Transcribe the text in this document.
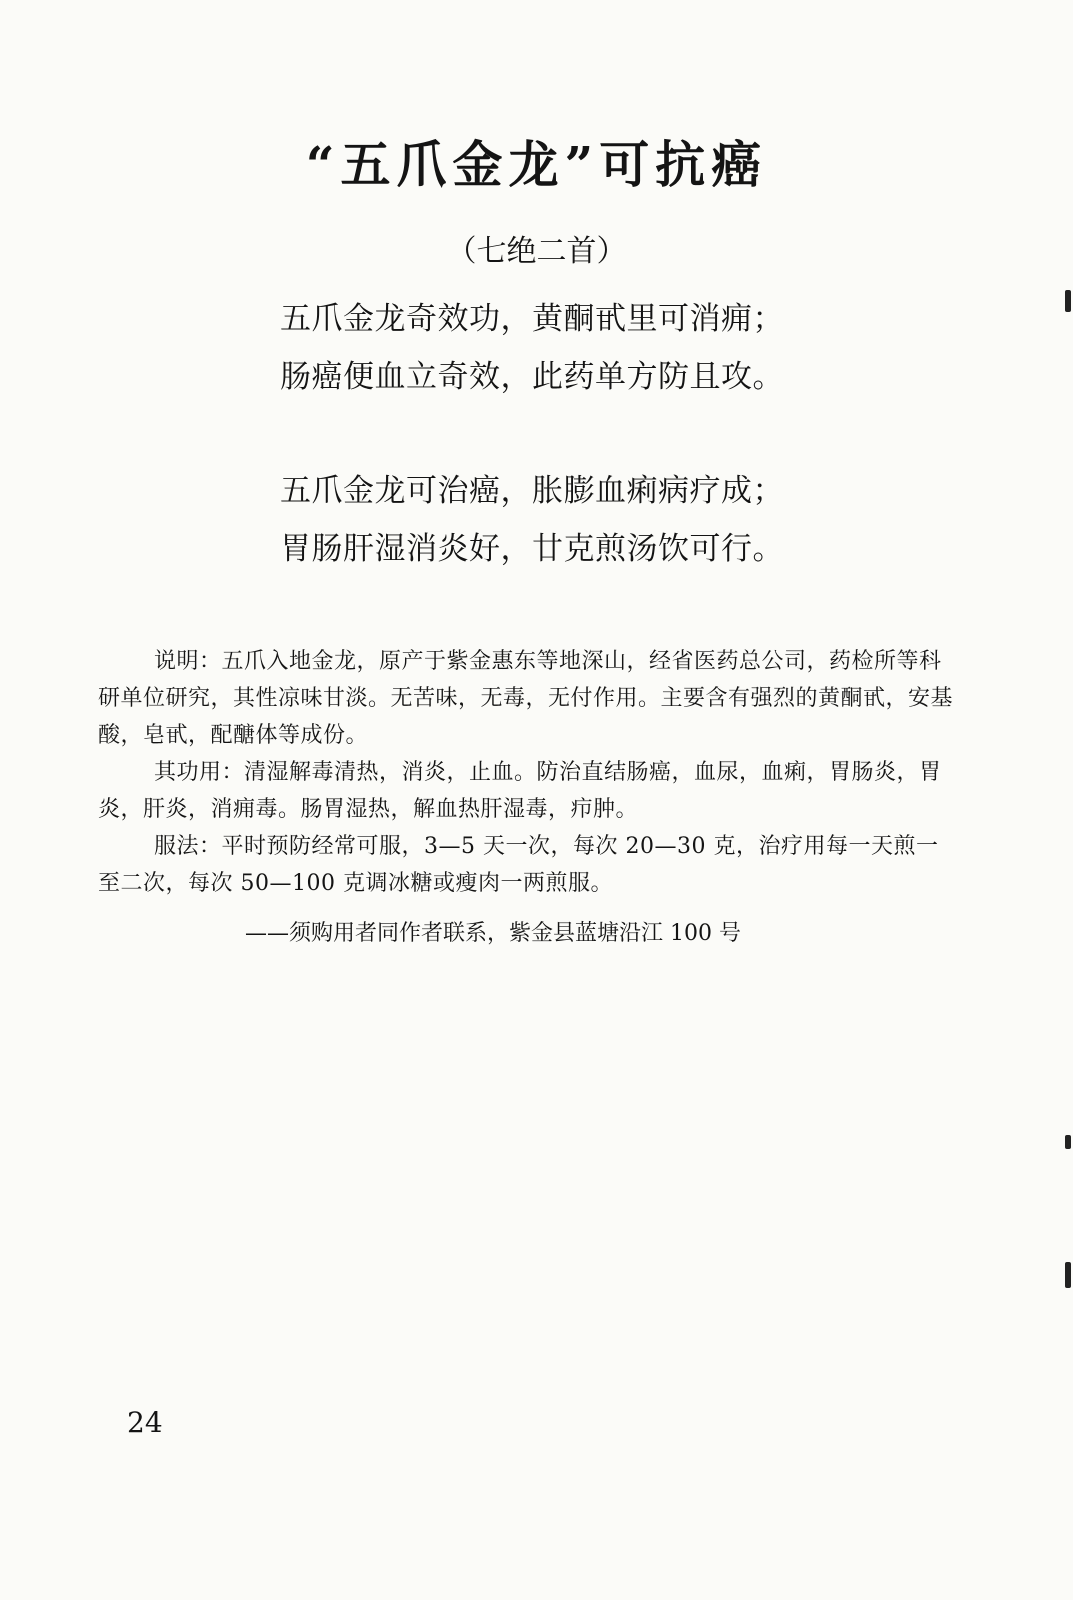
“五爪金龙”可抗癌
（七绝二首）
五爪金龙奇效功，黄酮甙里可消痈；
肠癌便血立奇效，此药单方防且攻。
五爪金龙可治癌，胀膨血痢病疗成；
胃肠肝湿消炎好，廿克煎汤饮可行。

说明：五爪入地金龙，原产于紫金惠东等地深山，经省医药总公司，药检所等科研单位研究，其性凉味甘淡。无苦味，无毒，无付作用。主要含有强烈的黄酮甙，安基酸，皂甙，配醣体等成份。

其功用：清湿解毒清热，消炎，止血。防治直结肠癌，血尿，血痢，胃肠炎，胃炎，肝炎，消痈毒。肠胃湿热，解血热肝湿毒，疖肿。

服法：平时预防经常可服，3—5 天一次，每次 20—30 克，治疗用每一天煎一至二次，每次 50—100 克调冰糖或瘦肉一两煎服。

——须购用者同作者联系，紫金县蓝塘沿江 100 号
24
